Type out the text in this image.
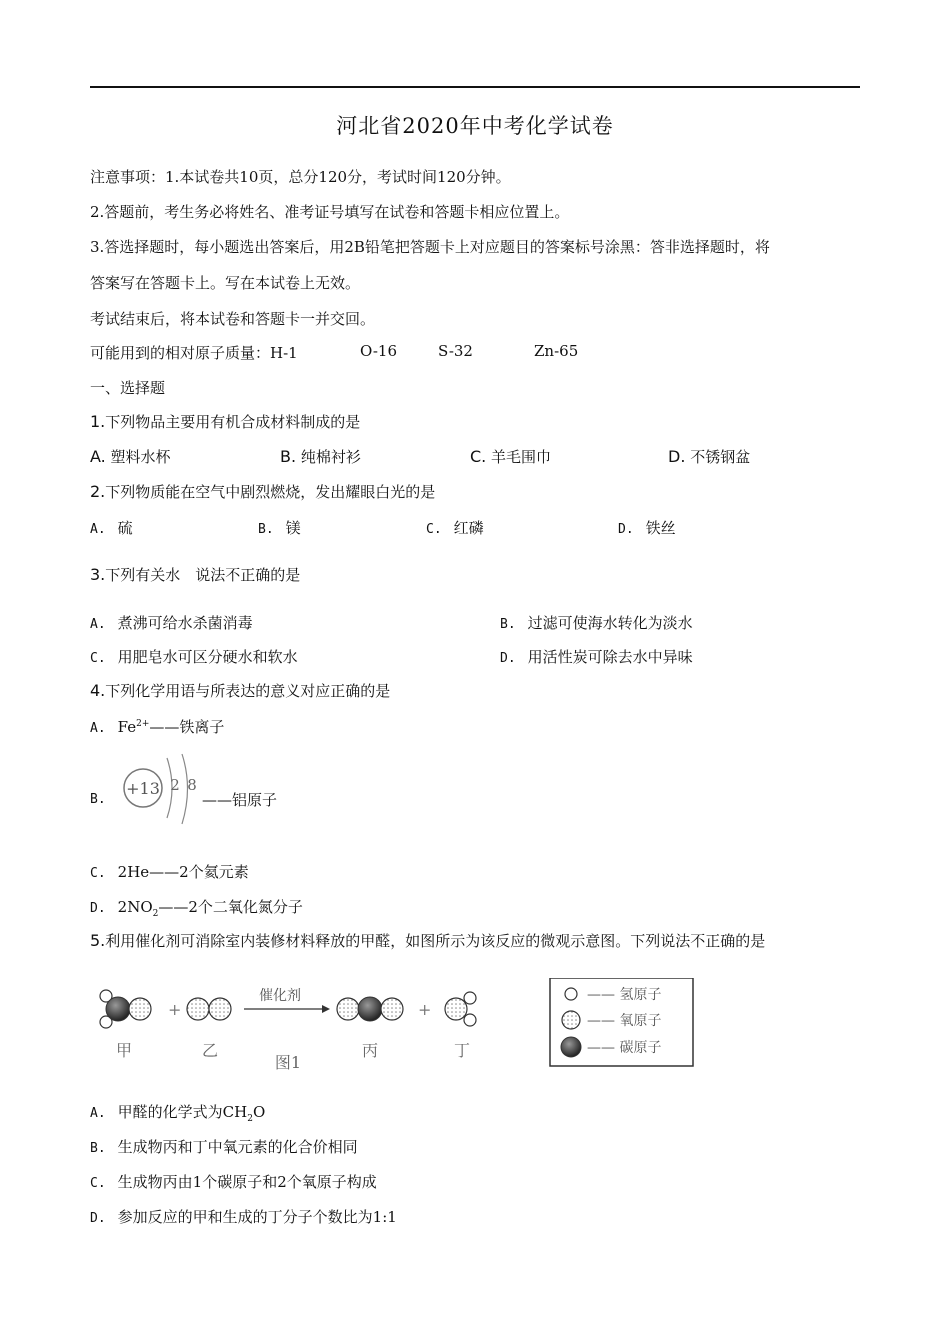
河北省2020年中考化学试卷
注意事项：1.本试卷共10页，总分120分，考试时间120分钟。
2.答题前，考生务必将姓名、准考证号填写在试卷和答题卡相应位置上。
3.答选择题时，每小题选出答案后，用2B铅笔把答题卡上对应题目的答案标号涂黑：答非选择题时，将
答案写在答题卡上。写在本试卷上无效。
考试结束后，将本试卷和答题卡一并交回。
可能用到的相对原子质量：H-1	O-16	S-32	Zn-65
一、选择题
1.下列物品主要用有机合成材料制成的是
A. 塑料水杯	B. 纯棉衬衫	C. 羊毛围巾	D. 不锈钢盆
2.下列物质能在空气中剧烈燃烧，发出耀眼白光的是
A. 硫	B. 镁	C. 红磷	D. 铁丝
3.下列有关水　说法不正确的是
A. 煮沸可给水杀菌消毒	B. 过滤可使海水转化为淡水
C. 用肥皂水可区分硬水和软水	D. 用活性炭可除去水中异味
4.下列化学用语与所表达的意义对应正确的是
A. $Fe^{2+}——$铁离子
B.
+13 2 8
——铝原子
C. 2He——2个氦元素
D. $2NO_2——2$个二氧化氮分子
5.利用催化剂可消除室内装修材料释放的甲醛，如图所示为该反应的微观示意图。下列说法不正确的是
+
催化剂
+
甲	乙
图1
丙	丁
—— 氢原子
—— 氧原子
—— 碳原子
A. 甲醛的化学式为$CH_2O$
B. 生成物丙和丁中氧元素的化合价相同
C. 生成物丙由1个碳原子和2个氧原子构成
D. 参加反应的甲和生成的丁分子个数比为1:1
